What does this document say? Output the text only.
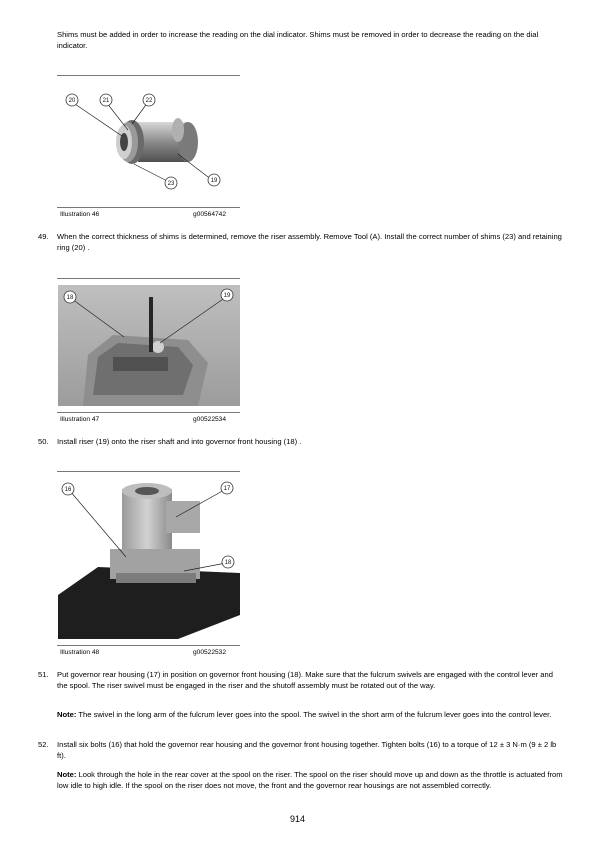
Shims must be added in order to increase the reading on the dial indicator. Shims must be removed in order to decrease the reading on the dial indicator.
20	21	22
23	19
Illustration 46	g00564742
49. When the correct thickness of shims is determined, remove the riser assembly. Remove Tool (A). Install the correct number of shims (23) and retaining ring (20) .
18	19
Illustration 47	g00522534
50. Install riser (19) onto the riser shaft and into governor front housing (18) .
16	17
18
Illustration 48	g00522532
51. Put governor rear housing (17) in position on governor front housing (18). Make sure that the fulcrum swivels are engaged with the control lever and the spool. The riser swivel must be engaged in the riser and the shutoff assembly must be rotated out of the way.
Note: The swivel in the long arm of the fulcrum lever goes into the spool. The swivel in the short arm of the fulcrum lever goes into the control lever.
52. Install six bolts (16) that hold the governor rear housing and the governor front housing together. Tighten bolts (16) to a torque of 12 ± 3 N·m (9 ± 2 lb ft).
Note: Look through the hole in the rear cover at the spool on the riser. The spool on the riser should move up and down as the throttle is actuated from low idle to high idle. If the spool on the riser does not move, the front and the governor rear housings are not assembled correctly.
914
